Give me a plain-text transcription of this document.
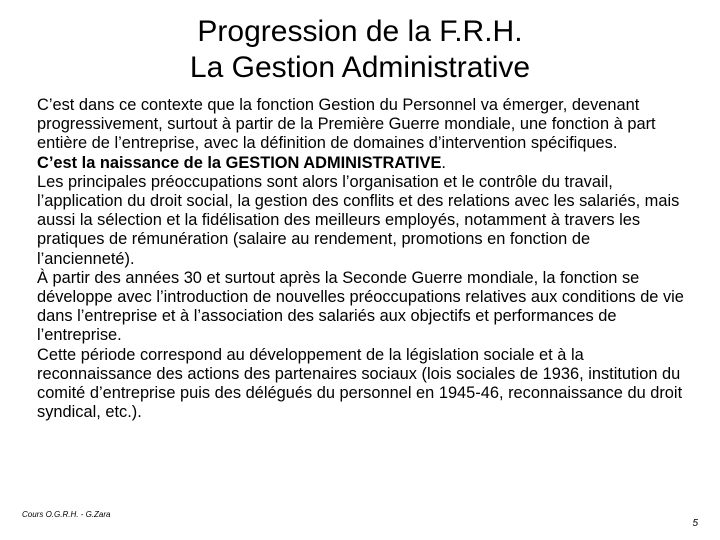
Progression de la F.R.H.
La Gestion Administrative

C’est dans ce contexte que la fonction Gestion du Personnel va émerger, devenant progressivement, surtout à partir de la Première Guerre mondiale, une fonction à part entière de l’entreprise, avec la définition de domaines d’intervention spécifiques.

C’est la naissance de la GESTION ADMINISTRATIVE.

Les principales préoccupations sont alors l’organisation et le contrôle du travail, l’application du droit social, la gestion des conflits et des relations avec les salariés, mais aussi la sélection et la fidélisation des meilleurs employés, notamment à travers les pratiques de rémunération (salaire au rendement, promotions en fonction de l’ancienneté).

À partir des années 30 et surtout après la Seconde Guerre mondiale, la fonction se développe avec l’introduction de nouvelles préoccupations relatives aux conditions de vie dans l’entreprise et à l’association des salariés aux objectifs et performances de l’entreprise.

Cette période correspond au développement de la législation sociale et à la reconnaissance des actions des partenaires sociaux (lois sociales de 1936, institution du comité d’entreprise puis des délégués du personnel en 1945-46, reconnaissance du droit syndical, etc.).

Cours O.G.R.H. - G.Zara
5
